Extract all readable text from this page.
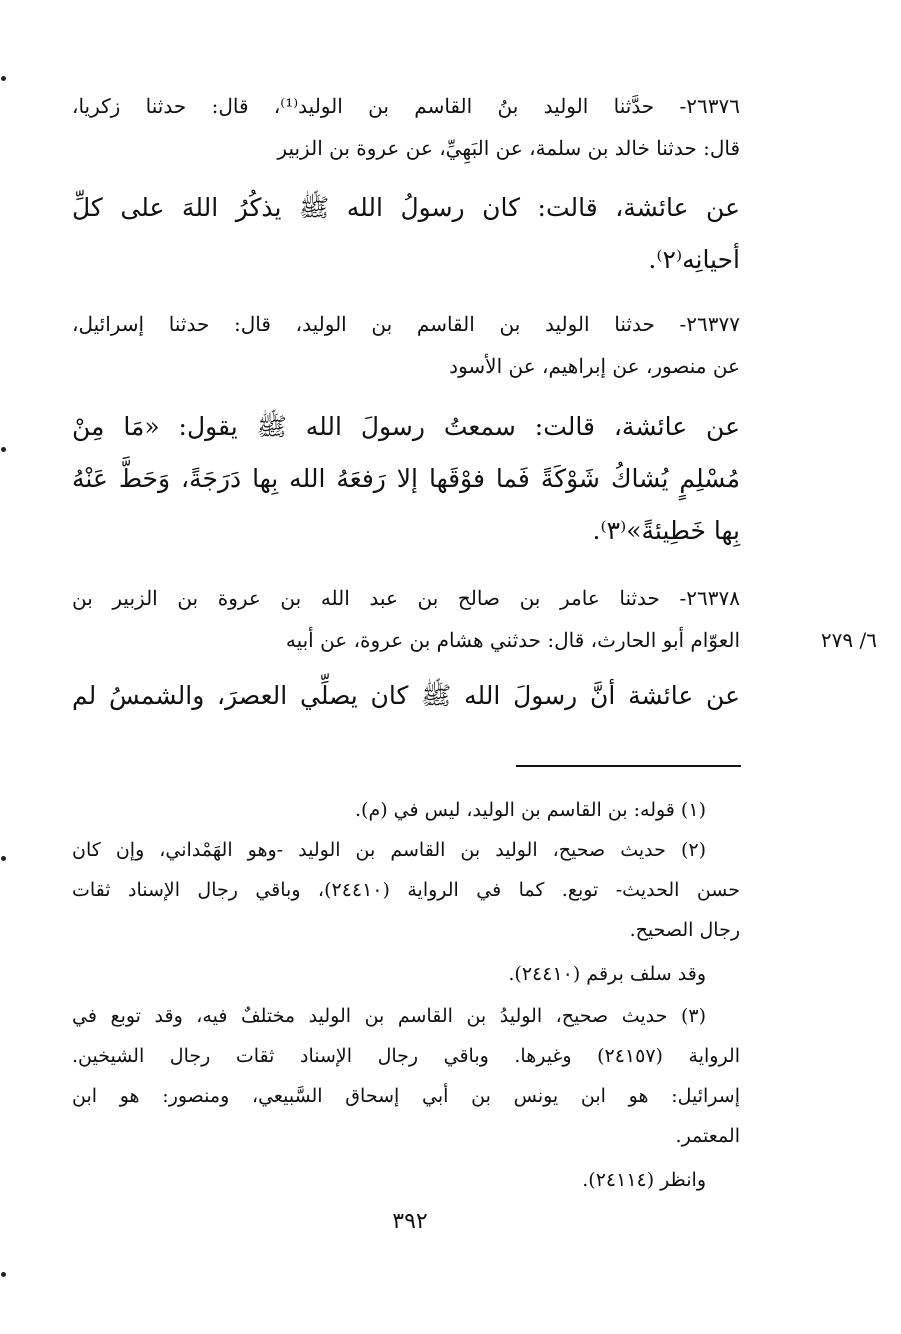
٢٦٣٧٦- حدَّثنا الوليد بنُ القاسم بن الوليد⁽¹⁾، قال: حدثنا زكريا،
قال: حدثنا خالد بن سلمة، عن البَهِيِّ، عن عروة بن الزبير
عن عائشة، قالت: كان رسولُ الله ﷺ يذكُرُ اللهَ على كلِّ
أحيانِه⁽٢⁾.
٢٦٣٧٧- حدثنا الوليد بن القاسم بن الوليد، قال: حدثنا إسرائيل،
عن منصور، عن إبراهيم، عن الأسود
عن عائشة، قالت: سمعتُ رسولَ الله ﷺ يقول: «مَا مِنْ
مُسْلِمٍ يُشاكُ شَوْكَةً فَما فوْقَها إلا رَفعَهُ الله بِها دَرَجَةً، وَحَطَّ عَنْهُ
بِها خَطِيئةً»⁽٣⁾.
٢٦٣٧٨- حدثنا عامر بن صالح بن عبد الله بن عروة بن الزبير بن
العوّام أبو الحارث، قال: حدثني هشام بن عروة، عن أبيه
عن عائشة أنَّ رسولَ الله ﷺ كان يصلِّي العصرَ، والشمسُ لم
٦/ ٢٧٩
(١) قوله: بن القاسم بن الوليد، ليس في (م).
(٢) حديث صحيح، الوليد بن القاسم بن الوليد -وهو الهَمْداني، وإن كان
حسن الحديث- توبع. كما في الرواية (٢٤٤١٠)، وباقي رجال الإسناد ثقات
رجال الصحيح.
وقد سلف برقم (٢٤٤١٠).
(٣) حديث صحيح، الوليدُ بن القاسم بن الوليد مختلفٌ فيه، وقد توبع في
الرواية (٢٤١٥٧) وغيرها. وباقي رجال الإسناد ثقات رجال الشيخين.
إسرائيل: هو ابن يونس بن أبي إسحاق السَّبيعي، ومنصور: هو ابن
المعتمر.
وانظر (٢٤١١٤).
٣٩٢
